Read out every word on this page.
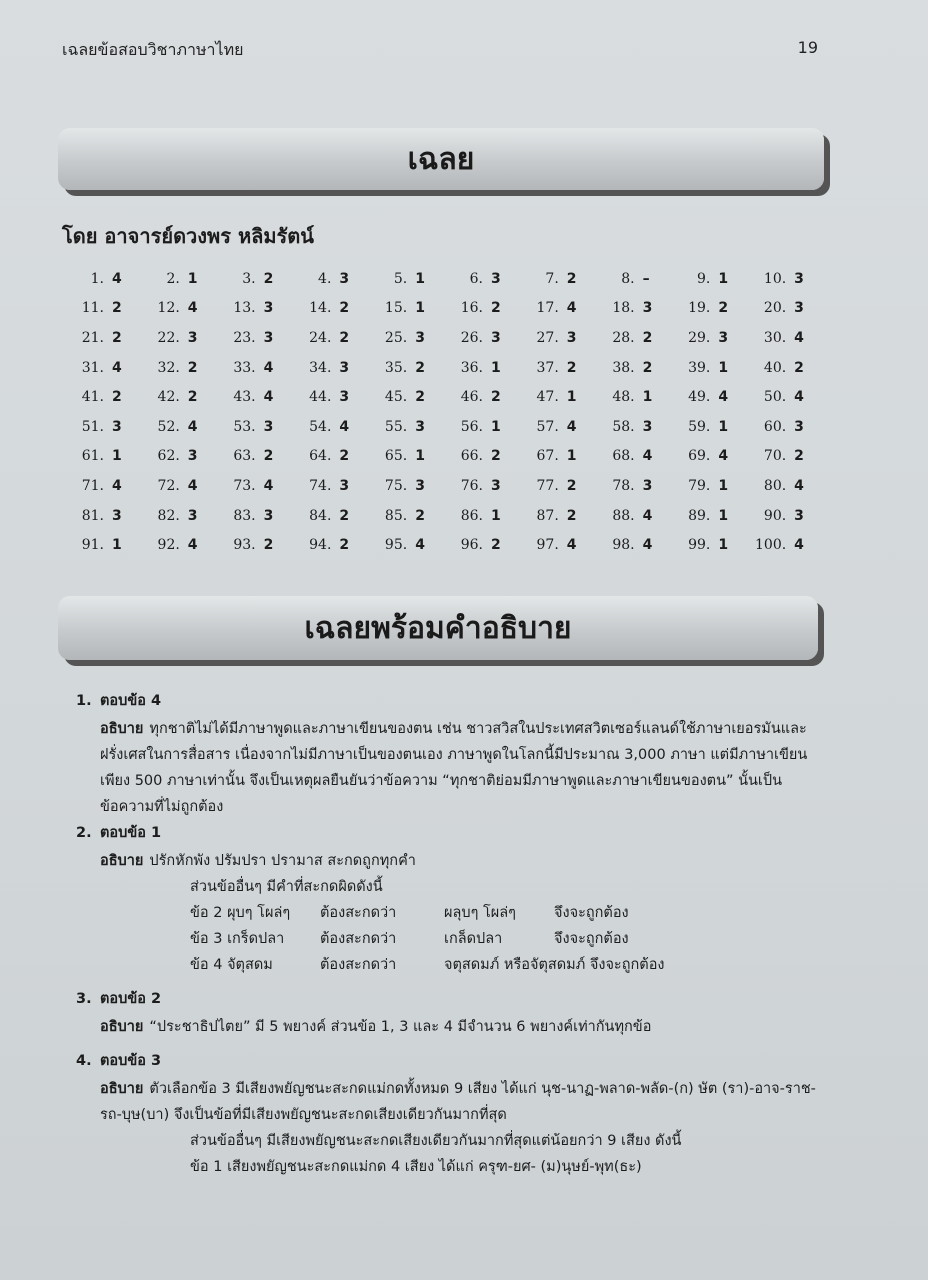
เฉลยข้อสอบวิชาภาษาไทย	19
เฉลย
โดย อาจารย์ดวงพร หลิมรัตน์
1. 4	2. 1	3. 2	4. 3	5. 1	6. 3	7. 2	8. –	9. 1	10. 3
11. 2	12. 4	13. 3	14. 2	15. 1	16. 2	17. 4	18. 3	19. 2	20. 3
21. 2	22. 3	23. 3	24. 2	25. 3	26. 3	27. 3	28. 2	29. 3	30. 4
31. 4	32. 2	33. 4	34. 3	35. 2	36. 1	37. 2	38. 2	39. 1	40. 2
41. 2	42. 2	43. 4	44. 3	45. 2	46. 2	47. 1	48. 1	49. 4	50. 4
51. 3	52. 4	53. 3	54. 4	55. 3	56. 1	57. 4	58. 3	59. 1	60. 3
61. 1	62. 3	63. 2	64. 2	65. 1	66. 2	67. 1	68. 4	69. 4	70. 2
71. 4	72. 4	73. 4	74. 3	75. 3	76. 3	77. 2	78. 3	79. 1	80. 4
81. 3	82. 3	83. 3	84. 2	85. 2	86. 1	87. 2	88. 4	89. 1	90. 3
91. 1	92. 4	93. 2	94. 2	95. 4	96. 2	97. 4	98. 4	99. 1	100. 4
เฉลยพร้อมคำอธิบาย
1. ตอบข้อ 4
อธิบาย ทุกชาติไม่ได้มีภาษาพูดและภาษาเขียนของตน เช่น ชาวสวิสในประเทศสวิตเซอร์แลนด์ใช้ภาษาเยอรมันและฝรั่งเศสในการสื่อสาร เนื่องจากไม่มีภาษาเป็นของตนเอง ภาษาพูดในโลกนี้มีประมาณ 3,000 ภาษา แต่มีภาษาเขียนเพียง 500 ภาษาเท่านั้น จึงเป็นเหตุผลยืนยันว่าข้อความ “ทุกชาติย่อมมีภาษาพูดและภาษาเขียนของตน” นั้นเป็นข้อความที่ไม่ถูกต้อง
2. ตอบข้อ 1
อธิบาย ปรักหักพัง ปรัมปรา ปรามาส สะกดถูกทุกคำ
ส่วนข้ออื่นๆ มีคำที่สะกดผิดดังนี้
ข้อ 2 ผุบๆ โผล่ๆ	ต้องสะกดว่า	ผลุบๆ โผล่ๆ	จึงจะถูกต้อง
ข้อ 3 เกร็ดปลา	ต้องสะกดว่า	เกล็ดปลา	จึงจะถูกต้อง
ข้อ 4 จัตุสดม	ต้องสะกดว่า	จตุสดมภ์ หรือจัตุสดมภ์ จึงจะถูกต้อง
3. ตอบข้อ 2
อธิบาย “ประชาธิปไตย” มี 5 พยางค์ ส่วนข้อ 1, 3 และ 4 มีจำนวน 6 พยางค์เท่ากันทุกข้อ
4. ตอบข้อ 3
อธิบาย ตัวเลือกข้อ 3 มีเสียงพยัญชนะสะกดแม่กดทั้งหมด 9 เสียง ได้แก่ นุช-นาฏ-พลาด-พลัด-(ก) ษัต (รา)-อาจ-ราช-รถ-บุษ(บา) จึงเป็นข้อที่มีเสียงพยัญชนะสะกดเสียงเดียวกันมากที่สุด
ส่วนข้ออื่นๆ มีเสียงพยัญชนะสะกดเสียงเดียวกันมากที่สุดแต่น้อยกว่า 9 เสียง ดังนี้
ข้อ 1 เสียงพยัญชนะสะกดแม่กด 4 เสียง ได้แก่ ครุฑ-ยศ- (ม)นุษย์-พุท(ธะ)
